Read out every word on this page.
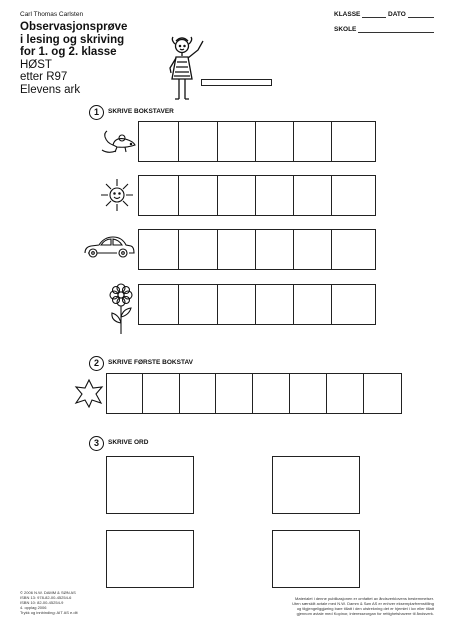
Carl Thomas Carlsten
Observasjonsprøve
i lesing og skriving
for 1. og 2. klasse
HØST
etter R97
Elevens ark
KLASSE	DATO
SKOLE
1	SKRIVE BOKSTAVER
2	SKRIVE FØRSTE BOKSTAV
3	SKRIVE ORD
© 2006 N.W. DAMM & SØN AS
ISBN 13: 978-82-00-45254-6
ISBN 10: 82-00-45254-9
4. opplag 2006
Trykk og innbinding: AIT AS e.dit
Materialet i denne publikasjonen er omfattet av åndsverklovens bestemmelser.
Uten særskilt avtale med N.W. Damm & Søn AS er enhver eksemplarfremstilling
og tilgjengeliggjøring bare tillatt i den utstrekning det er hjemlet i lov eller tillatt
gjennom avtale med Kopinor, interesseorgan for rettighetshavere til åndsverk.
